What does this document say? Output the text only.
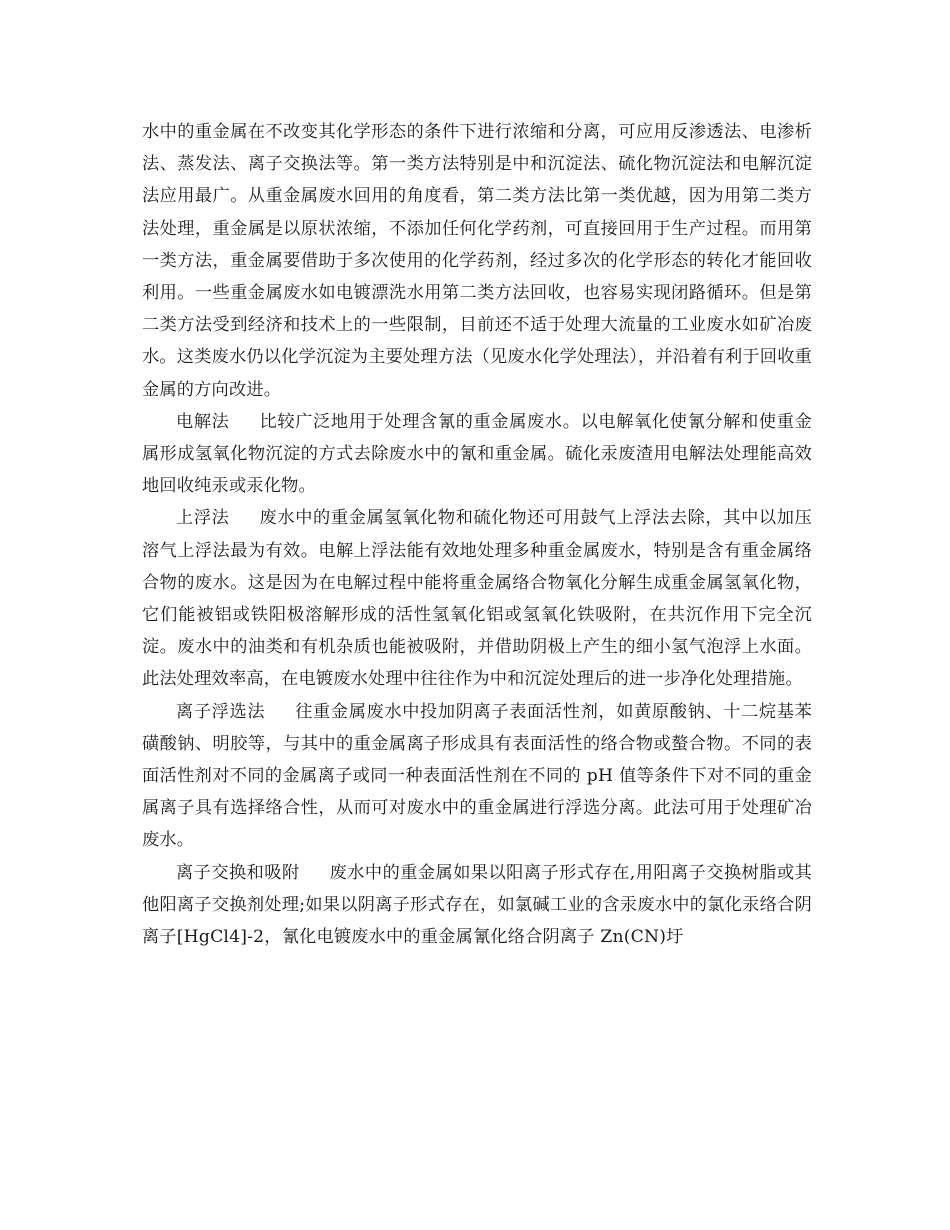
水中的重金属在不改变其化学形态的条件下进行浓缩和分离，可应用反渗透法、电渗析法、蒸发法、离子交换法等。第一类方法特别是中和沉淀法、硫化物沉淀法和电解沉淀法应用最广。从重金属废水回用的角度看，第二类方法比第一类优越，因为用第二类方法处理，重金属是以原状浓缩，不添加任何化学药剂，可直接回用于生产过程。而用第一类方法，重金属要借助于多次使用的化学药剂，经过多次的化学形态的转化才能回收利用。一些重金属废水如电镀漂洗水用第二类方法回收，也容易实现闭路循环。但是第二类方法受到经济和技术上的一些限制，目前还不适于处理大流量的工业废水如矿冶废水。这类废水仍以化学沉淀为主要处理方法（见废水化学处理法），并沿着有利于回收重金属的方向改进。

电解法 比较广泛地用于处理含氰的重金属废水。以电解氧化使氰分解和使重金属形成氢氧化物沉淀的方式去除废水中的氰和重金属。硫化汞废渣用电解法处理能高效地回收纯汞或汞化物。

上浮法 废水中的重金属氢氧化物和硫化物还可用鼓气上浮法去除，其中以加压溶气上浮法最为有效。电解上浮法能有效地处理多种重金属废水，特别是含有重金属络合物的废水。这是因为在电解过程中能将重金属络合物氧化分解生成重金属氢氧化物，它们能被铝或铁阳极溶解形成的活性氢氧化铝或氢氧化铁吸附，在共沉作用下完全沉淀。废水中的油类和有机杂质也能被吸附，并借助阴极上产生的细小氢气泡浮上水面。此法处理效率高，在电镀废水处理中往往作为中和沉淀处理后的进一步净化处理措施。

离子浮选法 往重金属废水中投加阴离子表面活性剂，如黄原酸钠、十二烷基苯磺酸钠、明胶等，与其中的重金属离子形成具有表面活性的络合物或螯合物。不同的表面活性剂对不同的金属离子或同一种表面活性剂在不同的 pH 值等条件下对不同的重金属离子具有选择络合性，从而可对废水中的重金属进行浮选分离。此法可用于处理矿冶废水。

离子交换和吸附 废水中的重金属如果以阳离子形式存在,用阳离子交换树脂或其他阳离子交换剂处理;如果以阴离子形式存在，如氯碱工业的含汞废水中的氯化汞络合阴离子[HgCl4]-2，氰化电镀废水中的重金属氰化络合阴离子 Zn(CN)圩
